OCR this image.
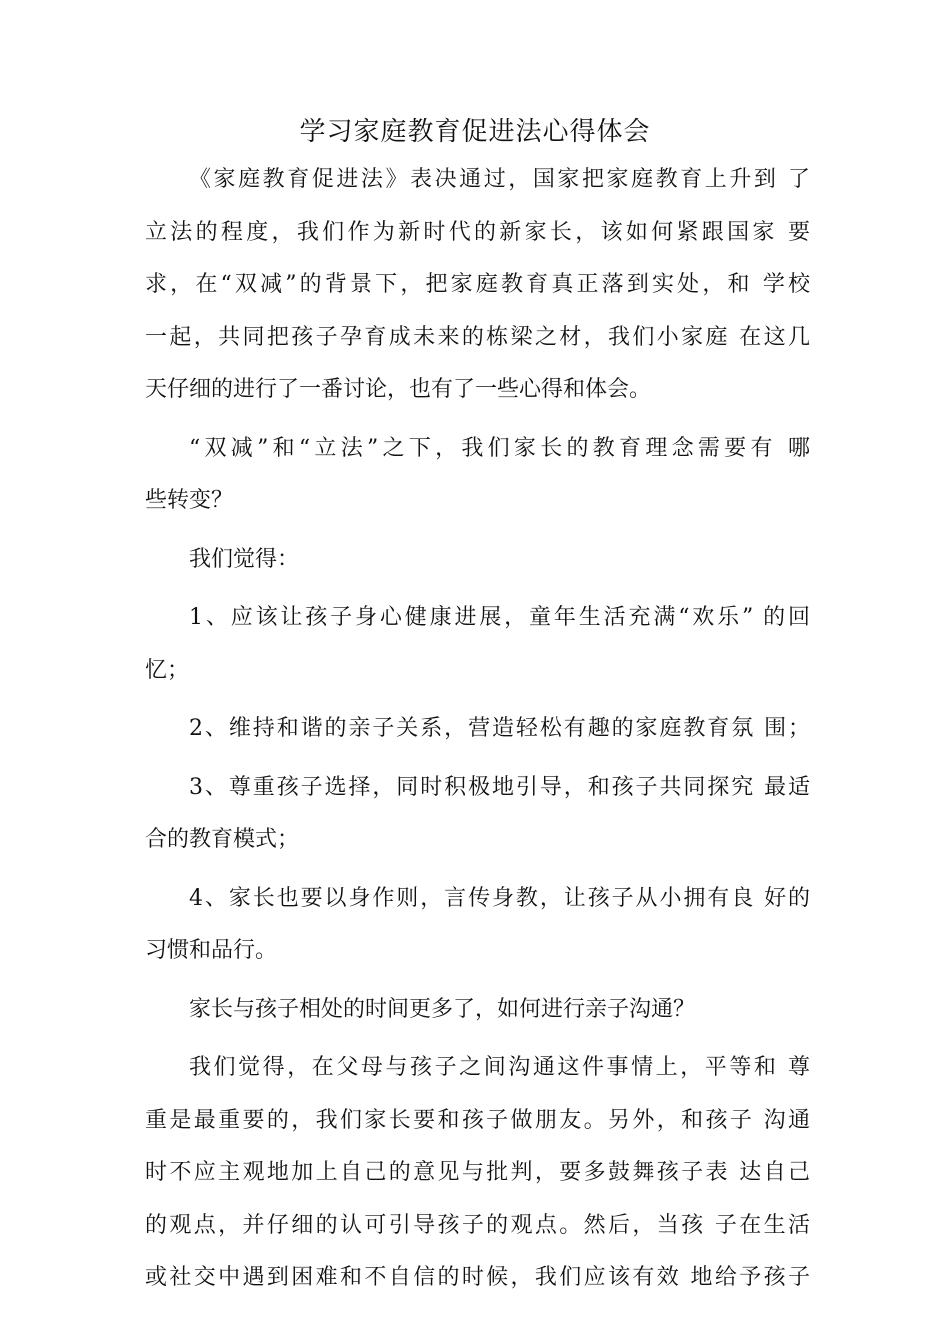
学习家庭教育促进法心得体会
《家庭教育促进法》表决通过，国家把家庭教育上升到 了
立法的程度，我们作为新时代的新家长，该如何紧跟国家 要
求，在“双减”的背景下，把家庭教育真正落到实处，和 学校
一起，共同把孩子孕育成未来的栋梁之材，我们小家庭 在这几
天仔细的进行了一番讨论，也有了一些心得和体会。
“双减”和“立法”之下，我们家长的教育理念需要有 哪
些转变？
我们觉得：
1、应该让孩子身心健康进展，童年生活充满“欢乐” 的回
忆；
2、维持和谐的亲子关系，营造轻松有趣的家庭教育氛 围；
3、尊重孩子选择，同时积极地引导，和孩子共同探究 最适
合的教育模式；
4、家长也要以身作则，言传身教，让孩子从小拥有良 好的
习惯和品行。
家长与孩子相处的时间更多了，如何进行亲子沟通？
我们觉得，在父母与孩子之间沟通这件事情上，平等和 尊
重是最重要的，我们家长要和孩子做朋友。另外，和孩子 沟通
时不应主观地加上自己的意见与批判，要多鼓舞孩子表 达自己
的观点，并仔细的认可引导孩子的观点。然后，当孩 子在生活
或社交中遇到困难和不自信的时候，我们应该有效 地给予孩子
